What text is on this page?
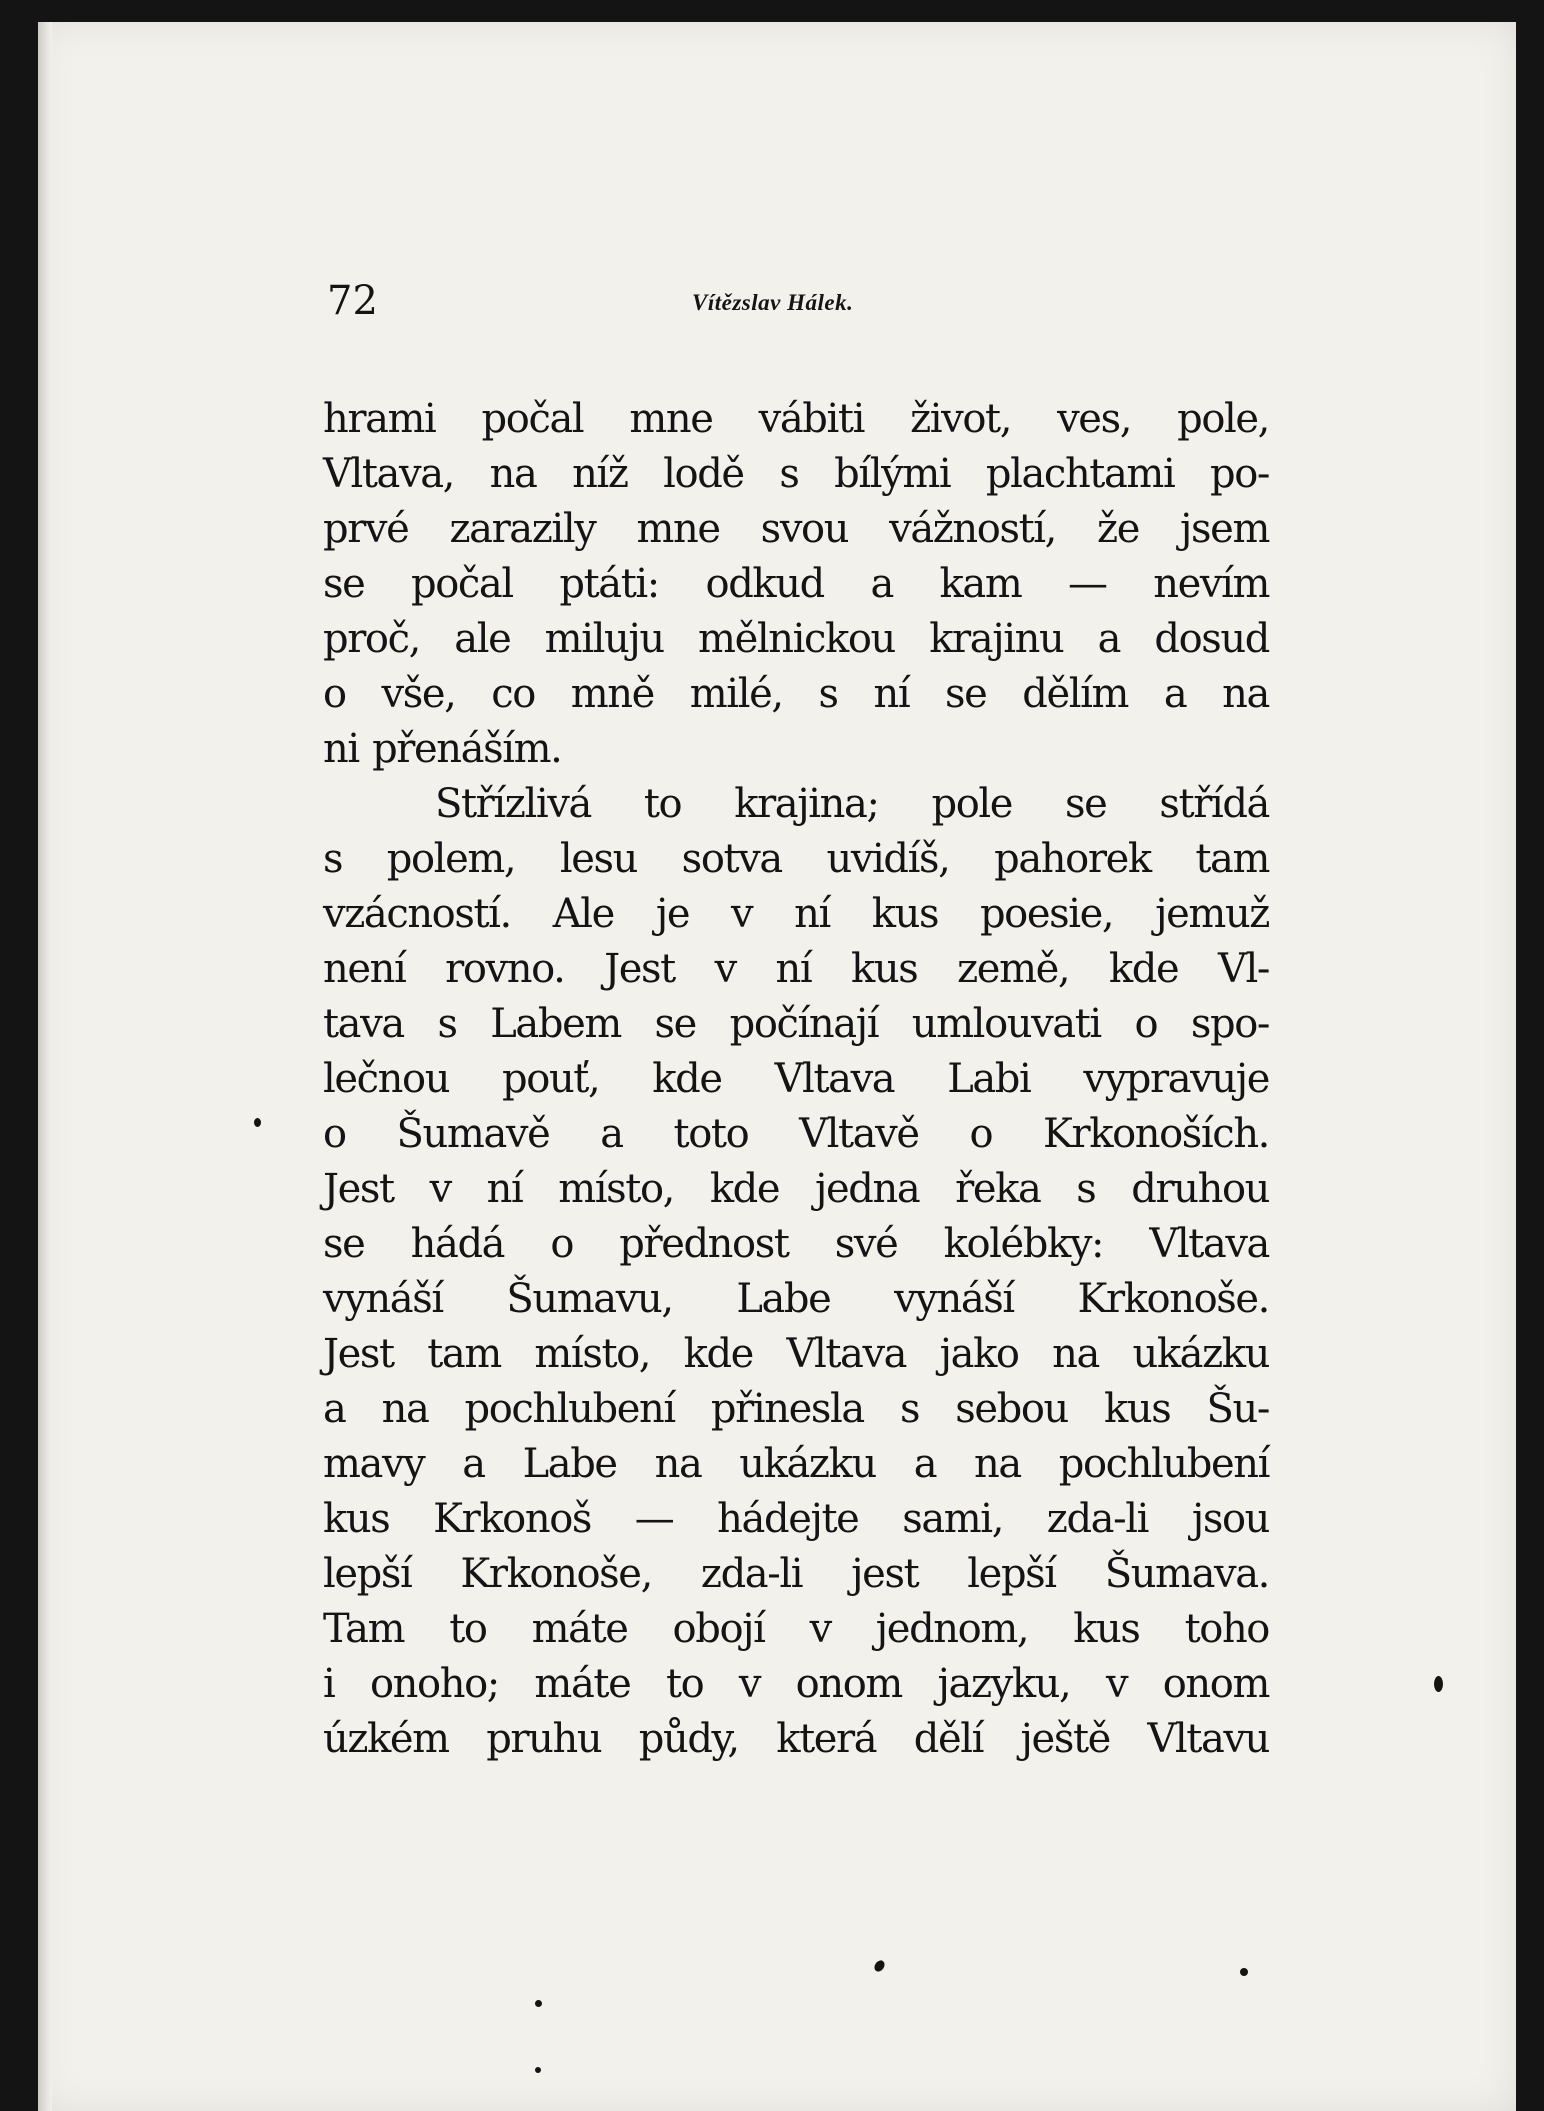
72	Vítězslav Hálek.

hrami počal mne vábiti život, ves, pole,
Vltava, na níž lodě s bílými plachtami po-
prvé zarazily mne svou vážností, že jsem
se počal ptáti: odkud a kam — nevím
proč, ale miluju mělnickou krajinu a dosud
o vše, co mně milé, s ní se dělím a na
ni přenáším.
Střízlivá to krajina; pole se střídá
s polem, lesu sotva uvidíš, pahorek tam
vzácností. Ale je v ní kus poesie, jemuž
není rovno. Jest v ní kus země, kde Vl-
tava s Labem se počínají umlouvati o spo-
lečnou pouť, kde Vltava Labi vypravuje
o Šumavě a toto Vltavě o Krkonoších.
Jest v ní místo, kde jedna řeka s druhou
se hádá o přednost své kolébky: Vltava
vynáší Šumavu, Labe vynáší Krkonoše.
Jest tam místo, kde Vltava jako na ukázku
a na pochlubení přinesla s sebou kus Šu-
mavy a Labe na ukázku a na pochlubení
kus Krkonoš — hádejte sami, zda-li jsou
lepší Krkonoše, zda-li jest lepší Šumava.
Tam to máte obojí v jednom, kus toho
i onoho; máte to v onom jazyku, v onom
úzkém pruhu půdy, která dělí ještě Vltavu
